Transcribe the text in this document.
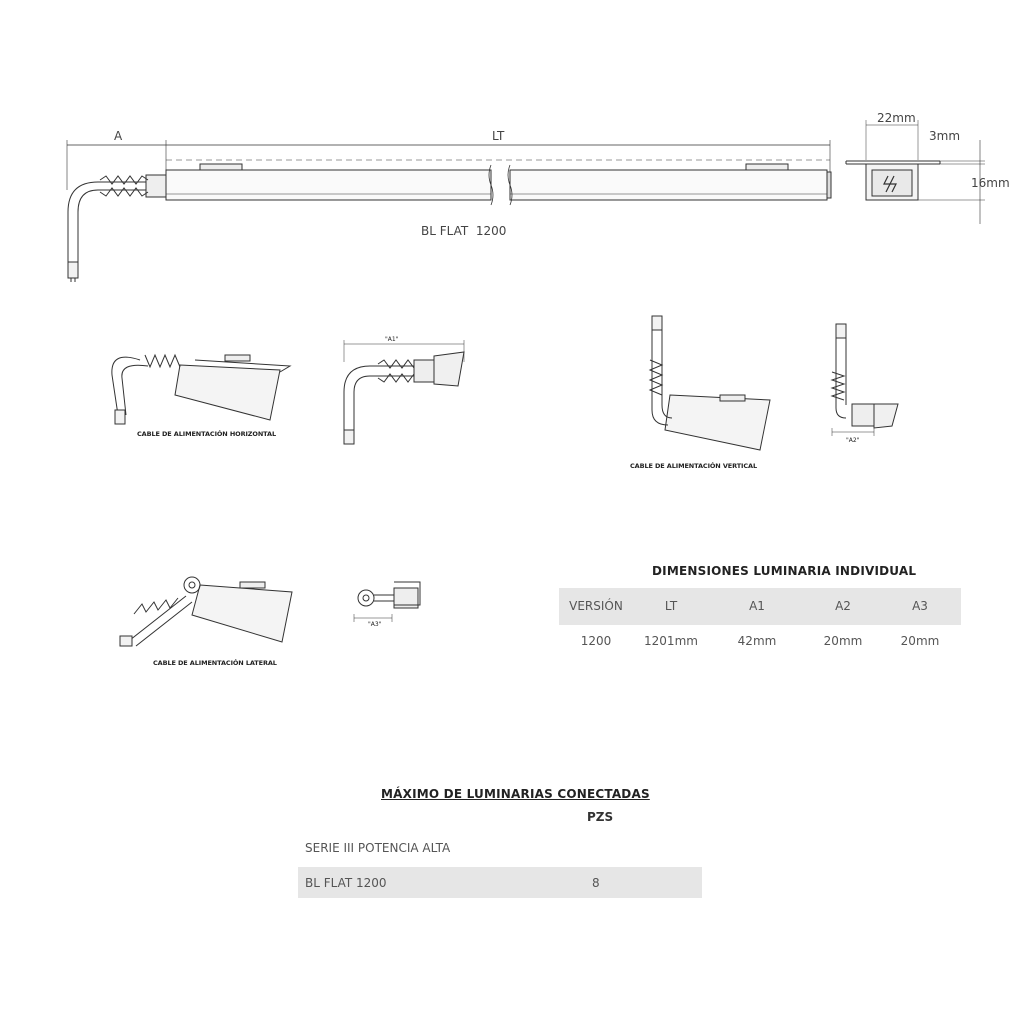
A	LT
BL FLAT  1200
22mm
3mm
16mm
CABLE DE ALIMENTACIÓN HORIZONTAL
"A1"
CABLE DE ALIMENTACIÓN VERTICAL
"A2"
CABLE DE ALIMENTACIÓN LATERAL
"A3"
DIMENSIONES LUMINARIA INDIVIDUAL
VERSIÓN	LT	A1	A2	A3
1200	1201mm	42mm	20mm	20mm
MÁXIMO DE LUMINARIAS CONECTADAS
PZS
SERIE III POTENCIA ALTA
BL FLAT 1200	8
